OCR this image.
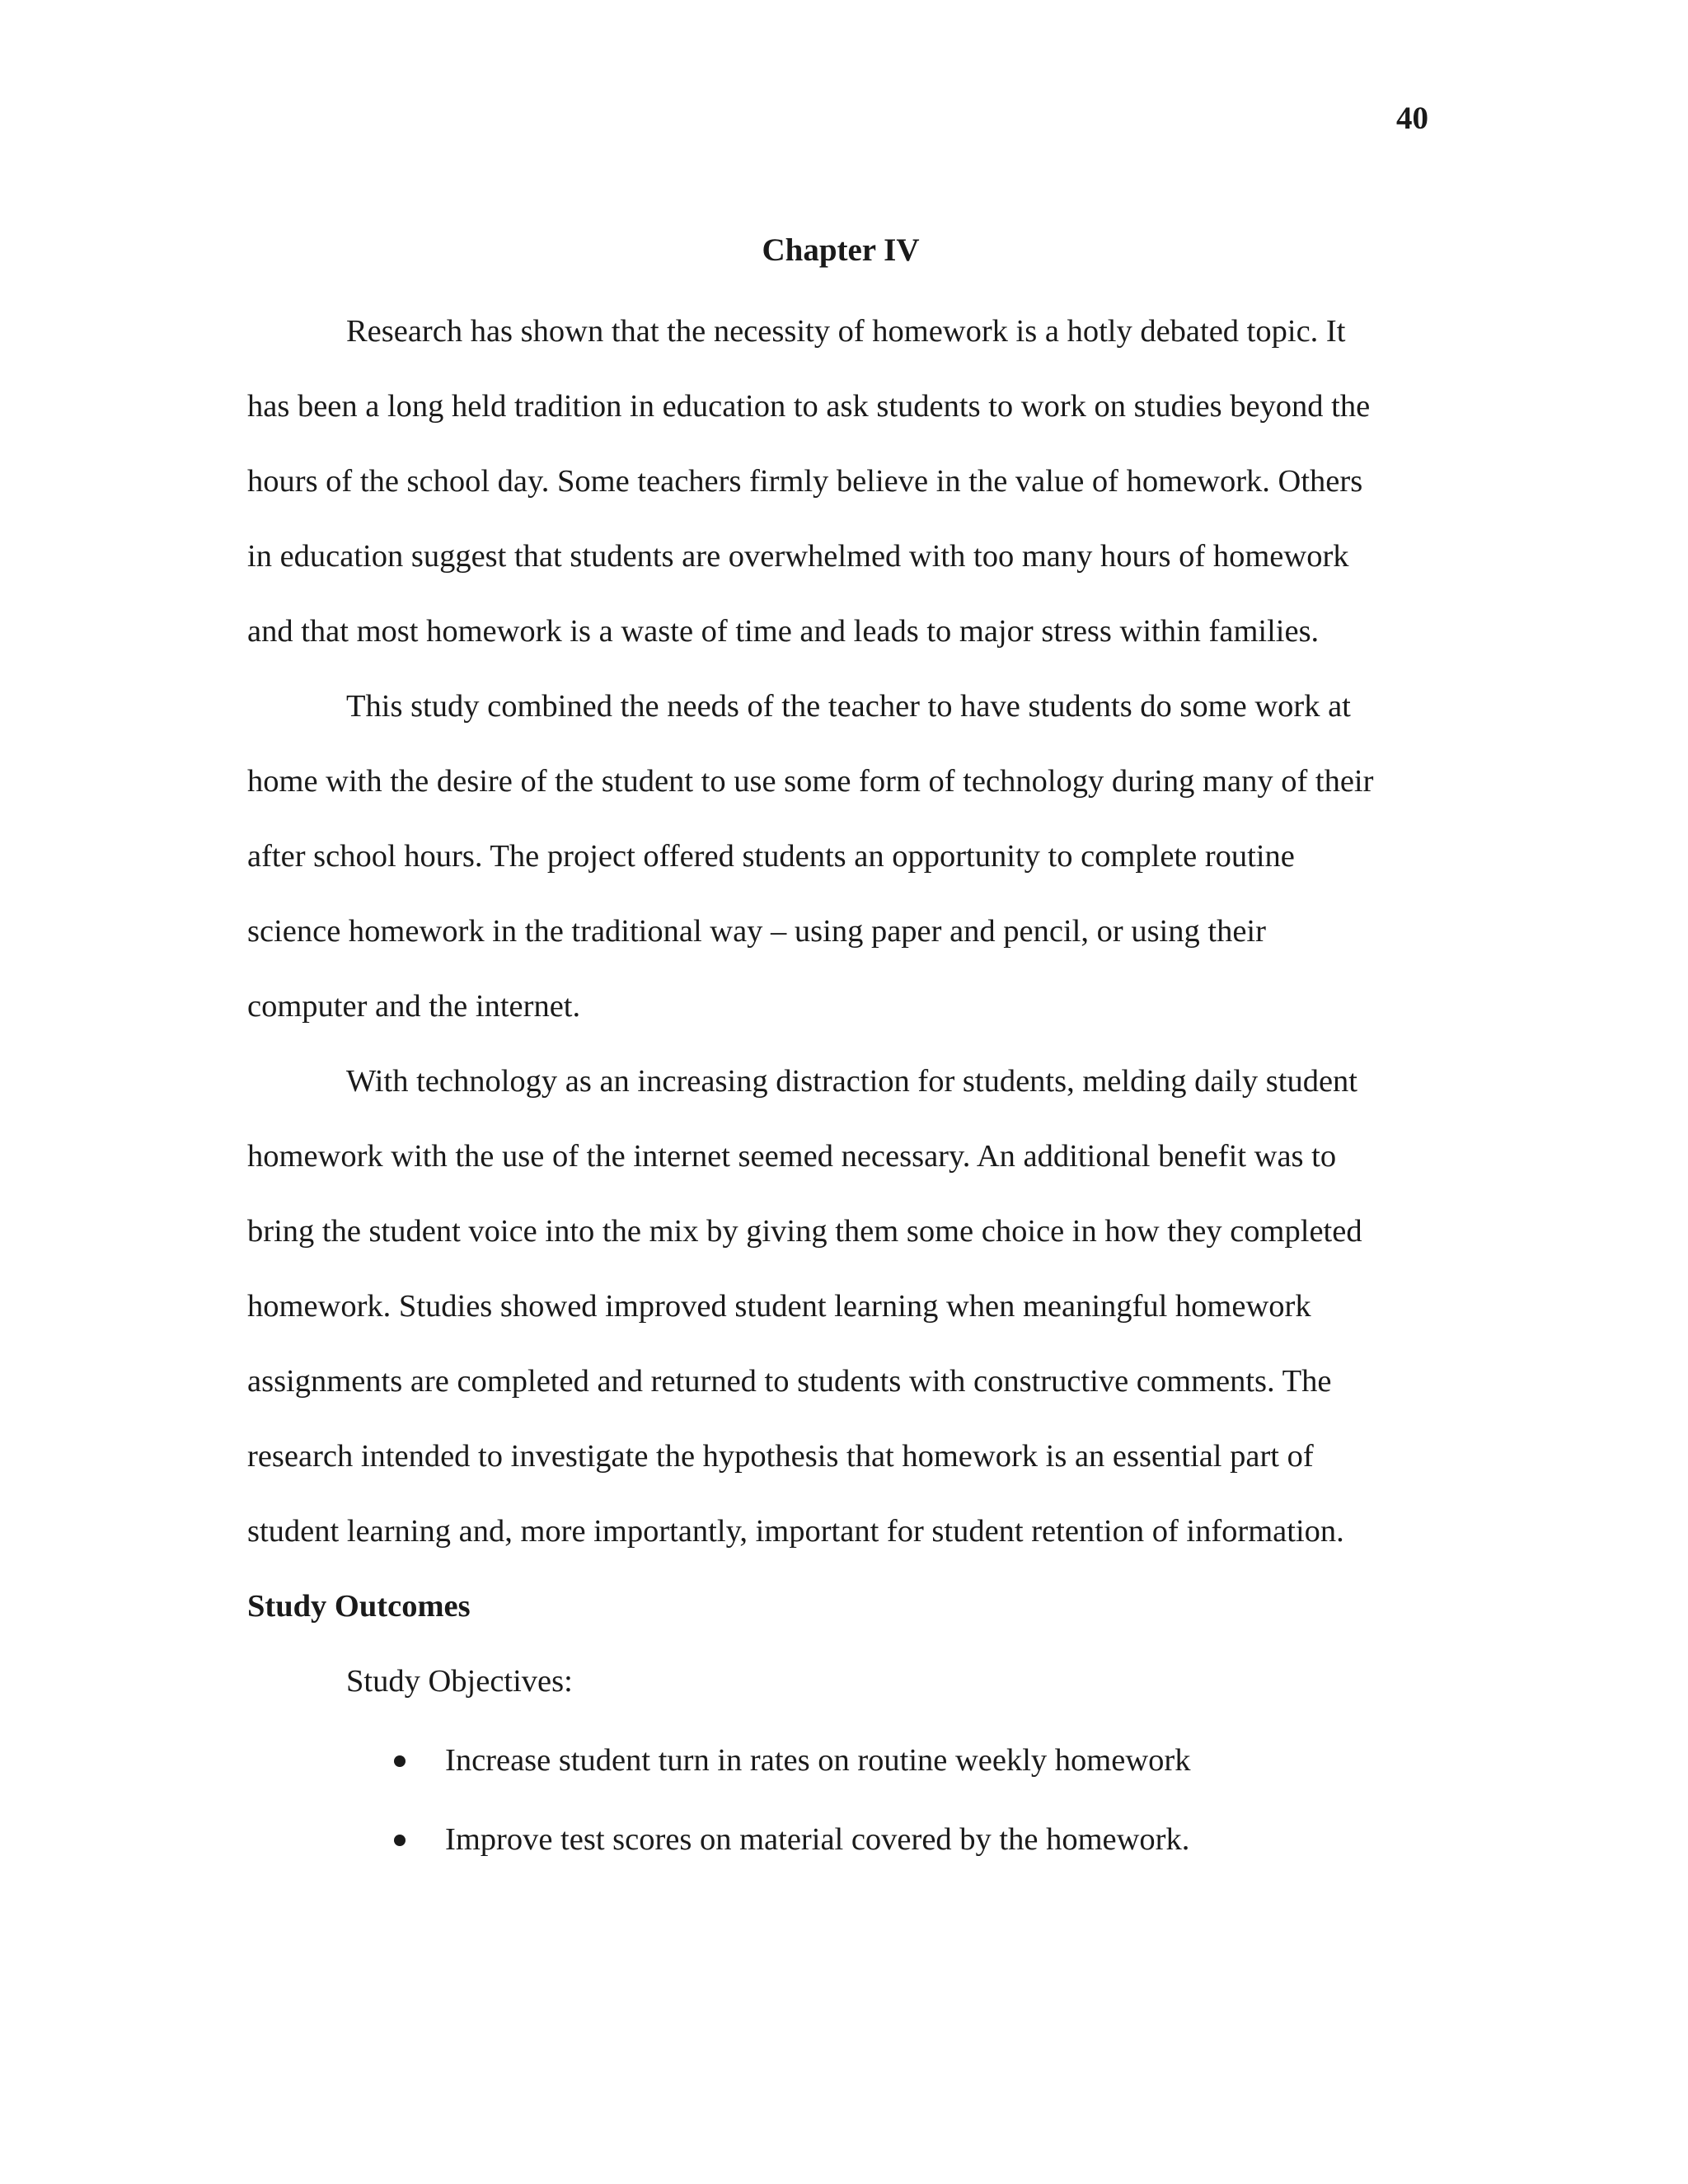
40
Chapter IV
Research has shown that the necessity of homework is a hotly debated topic. It
has been a long held tradition in education to ask students to work on studies beyond the
hours of the school day. Some teachers firmly believe in the value of homework. Others
in education suggest that students are overwhelmed with too many hours of homework
and that most homework is a waste of time and leads to major stress within families.
This study combined the needs of the teacher to have students do some work at
home with the desire of the student to use some form of technology during many of their
after school hours. The project offered students an opportunity to complete routine
science homework in the traditional way – using paper and pencil, or using their
computer and the internet.
With technology as an increasing distraction for students, melding daily student
homework with the use of the internet seemed necessary. An additional benefit was to
bring the student voice into the mix by giving them some choice in how they completed
homework. Studies showed improved student learning when meaningful homework
assignments are completed and returned to students with constructive comments. The
research intended to investigate the hypothesis that homework is an essential part of
student learning and, more importantly, important for student retention of information.
Study Outcomes
Study Objectives:
Increase student turn in rates on routine weekly homework
Improve test scores on material covered by the homework.
